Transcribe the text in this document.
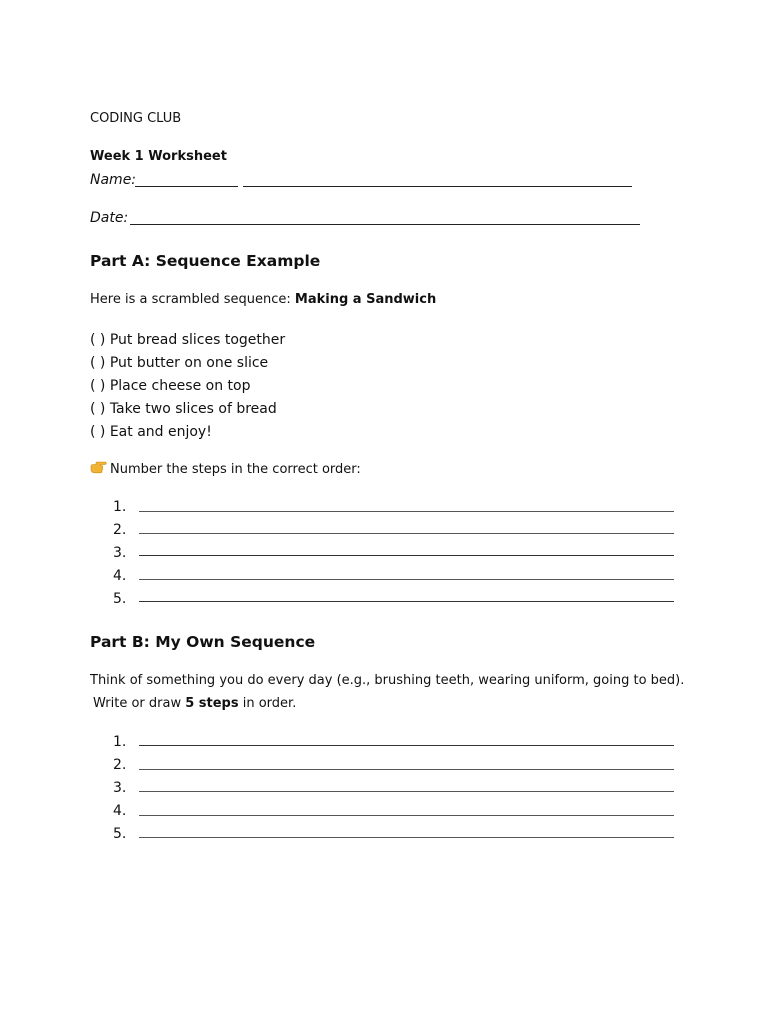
CODING CLUB
Week 1 Worksheet
Name:
Date:
Part A: Sequence Example
Here is a scrambled sequence: Making a Sandwich
( ) Put bread slices together
( ) Put butter on one slice
( ) Place cheese on top
( ) Take two slices of bread
( ) Eat and enjoy!
Number the steps in the correct order:
1.
2.
3.
4.
5.
Part B: My Own Sequence
Think of something you do every day (e.g., brushing teeth, wearing uniform, going to bed).
Write or draw 5 steps in order.
1.
2.
3.
4.
5.
